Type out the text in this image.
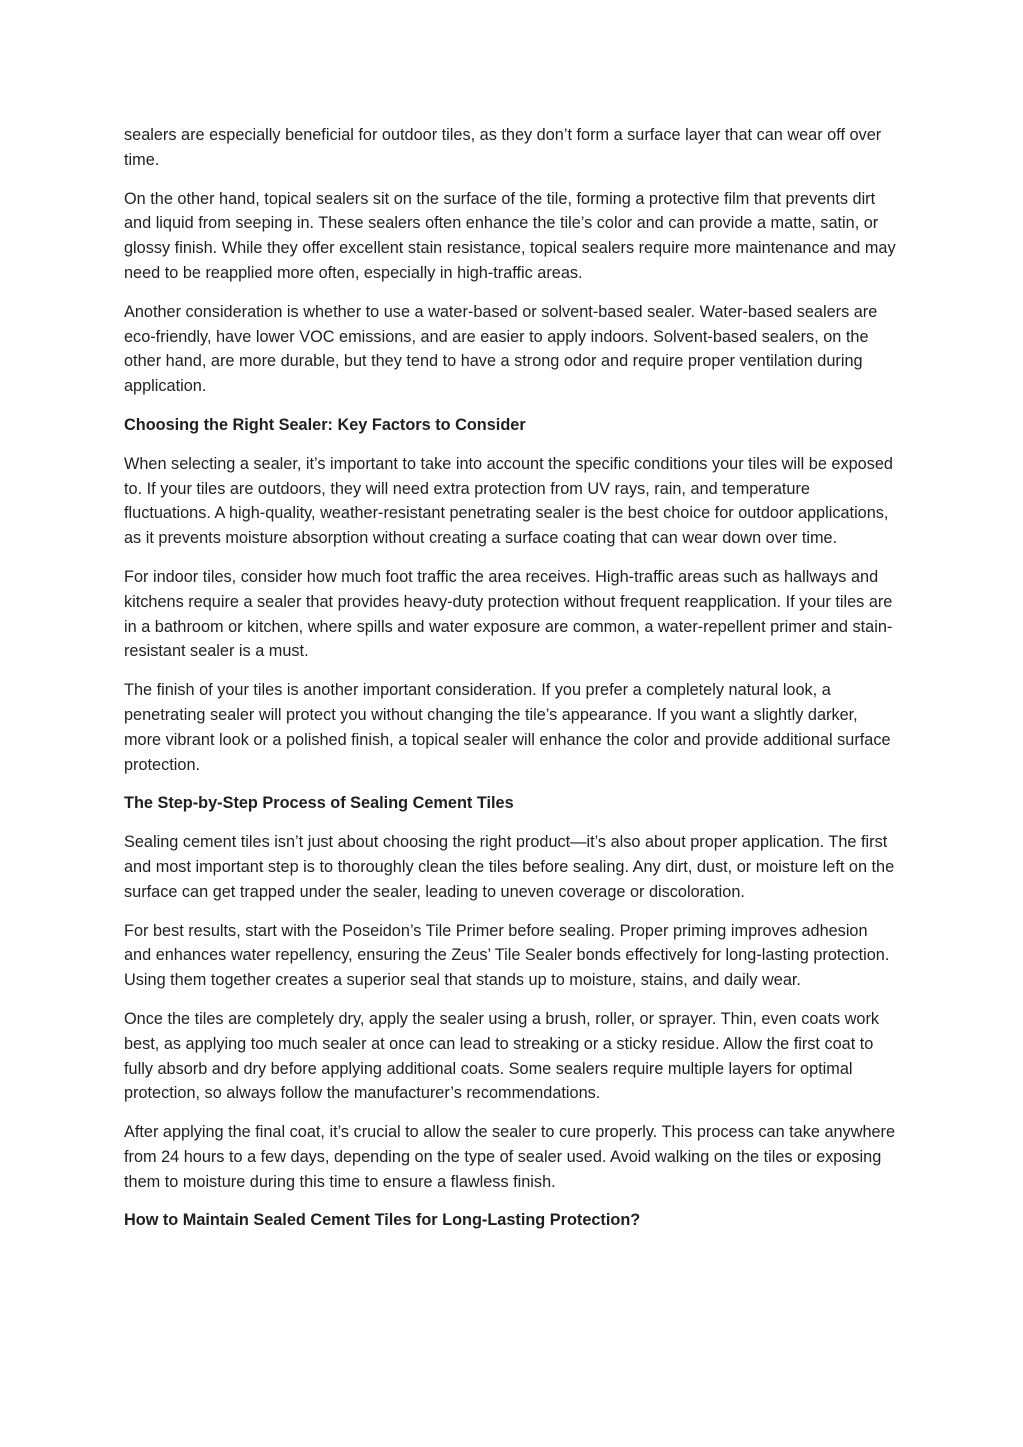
sealers are especially beneficial for outdoor tiles, as they don’t form a surface layer that can wear off over time.

On the other hand, topical sealers sit on the surface of the tile, forming a protective film that prevents dirt and liquid from seeping in. These sealers often enhance the tile’s color and can provide a matte, satin, or glossy finish. While they offer excellent stain resistance, topical sealers require more maintenance and may need to be reapplied more often, especially in high-traffic areas.

Another consideration is whether to use a water-based or solvent-based sealer. Water-based sealers are eco-friendly, have lower VOC emissions, and are easier to apply indoors. Solvent-based sealers, on the other hand, are more durable, but they tend to have a strong odor and require proper ventilation during application.

Choosing the Right Sealer: Key Factors to Consider

When selecting a sealer, it’s important to take into account the specific conditions your tiles will be exposed to. If your tiles are outdoors, they will need extra protection from UV rays, rain, and temperature fluctuations. A high-quality, weather-resistant penetrating sealer is the best choice for outdoor applications, as it prevents moisture absorption without creating a surface coating that can wear down over time.

For indoor tiles, consider how much foot traffic the area receives. High-traffic areas such as hallways and kitchens require a sealer that provides heavy-duty protection without frequent reapplication. If your tiles are in a bathroom or kitchen, where spills and water exposure are common, a water-repellent primer and stain-resistant sealer is a must.

The finish of your tiles is another important consideration. If you prefer a completely natural look, a penetrating sealer will protect you without changing the tile’s appearance. If you want a slightly darker, more vibrant look or a polished finish, a topical sealer will enhance the color and provide additional surface protection.

The Step-by-Step Process of Sealing Cement Tiles

Sealing cement tiles isn’t just about choosing the right product—it’s also about proper application. The first and most important step is to thoroughly clean the tiles before sealing. Any dirt, dust, or moisture left on the surface can get trapped under the sealer, leading to uneven coverage or discoloration.

For best results, start with the Poseidon’s Tile Primer before sealing. Proper priming improves adhesion and enhances water repellency, ensuring the Zeus’ Tile Sealer bonds effectively for long-lasting protection. Using them together creates a superior seal that stands up to moisture, stains, and daily wear.

Once the tiles are completely dry, apply the sealer using a brush, roller, or sprayer. Thin, even coats work best, as applying too much sealer at once can lead to streaking or a sticky residue. Allow the first coat to fully absorb and dry before applying additional coats. Some sealers require multiple layers for optimal protection, so always follow the manufacturer’s recommendations.

After applying the final coat, it’s crucial to allow the sealer to cure properly. This process can take anywhere from 24 hours to a few days, depending on the type of sealer used. Avoid walking on the tiles or exposing them to moisture during this time to ensure a flawless finish.

How to Maintain Sealed Cement Tiles for Long-Lasting Protection?
